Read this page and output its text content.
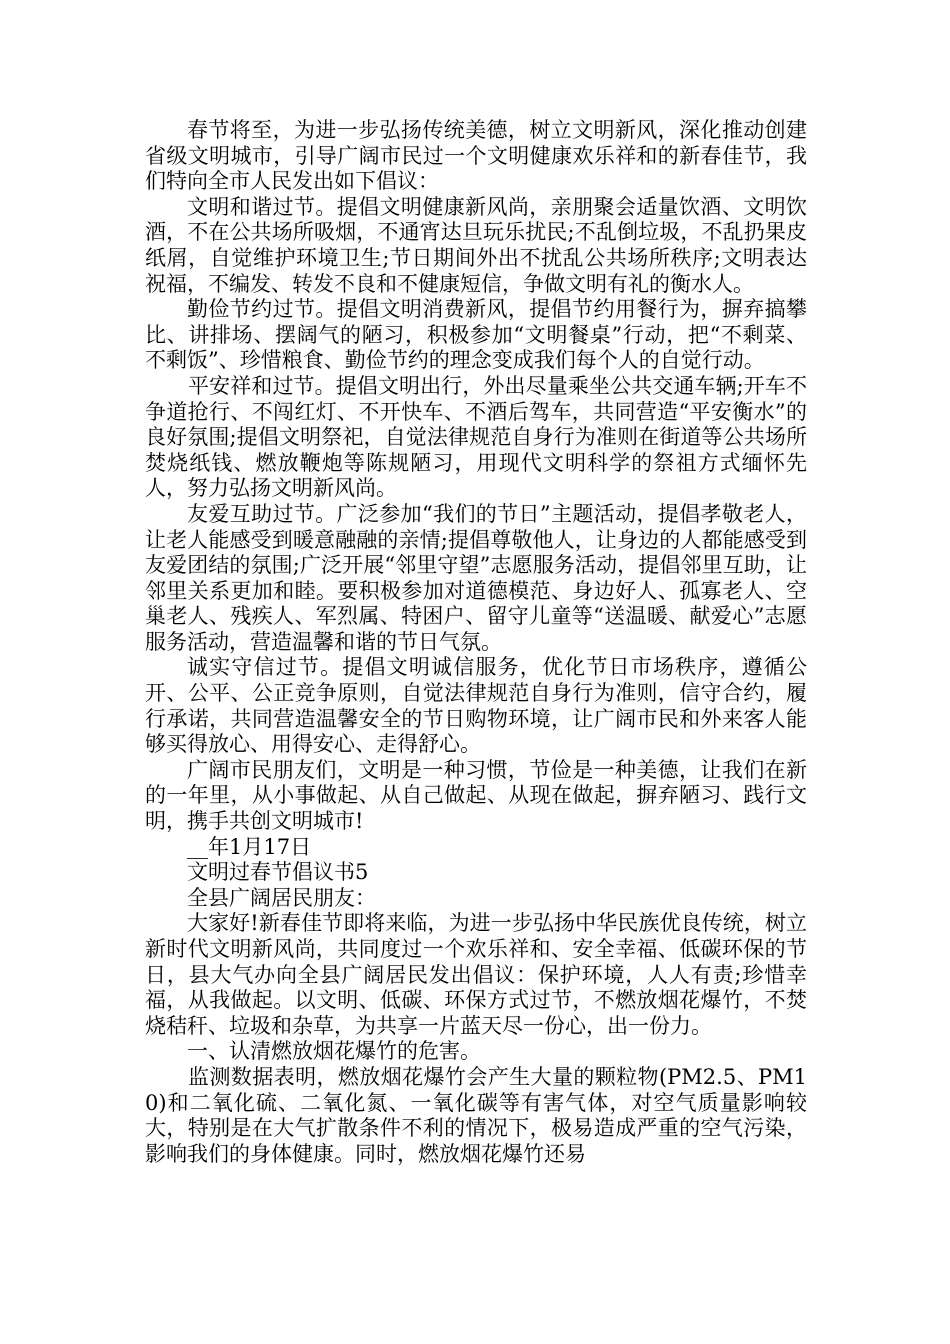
春节将至，为进一步弘扬传统美德，树立文明新风，深化推动创建省级文明城市，引导广阔市民过一个文明健康欢乐祥和的新春佳节，我们特向全市人民发出如下倡议：

文明和谐过节。提倡文明健康新风尚，亲朋聚会适量饮酒、文明饮酒，不在公共场所吸烟，不通宵达旦玩乐扰民;不乱倒垃圾，不乱扔果皮纸屑，自觉维护环境卫生;节日期间外出不扰乱公共场所秩序;文明表达祝福，不编发、转发不良和不健康短信，争做文明有礼的衡水人。

勤俭节约过节。提倡文明消费新风，提倡节约用餐行为，摒弃搞攀比、讲排场、摆阔气的陋习，积极参加“文明餐桌”行动，把“不剩菜、不剩饭”、珍惜粮食、勤俭节约的理念变成我们每个人的自觉行动。

平安祥和过节。提倡文明出行，外出尽量乘坐公共交通车辆;开车不争道抢行、不闯红灯、不开快车、不酒后驾车，共同营造“平安衡水”的良好氛围;提倡文明祭祀，自觉法律规范自身行为准则在街道等公共场所焚烧纸钱、燃放鞭炮等陈规陋习，用现代文明科学的祭祖方式缅怀先人，努力弘扬文明新风尚。

友爱互助过节。广泛参加“我们的节日”主题活动，提倡孝敬老人，让老人能感受到暖意融融的亲情;提倡尊敬他人，让身边的人都能感受到友爱团结的氛围;广泛开展“邻里守望”志愿服务活动，提倡邻里互助，让邻里关系更加和睦。要积极参加对道德模范、身边好人、孤寡老人、空巢老人、残疾人、军烈属、特困户、留守儿童等“送温暖、献爱心”志愿服务活动，营造温馨和谐的节日气氛。

诚实守信过节。提倡文明诚信服务，优化节日市场秩序，遵循公开、公平、公正竞争原则，自觉法律规范自身行为准则，信守合约，履行承诺，共同营造温馨安全的节日购物环境，让广阔市民和外来客人能够买得放心、用得安心、走得舒心。

广阔市民朋友们，文明是一种习惯，节俭是一种美德，让我们在新的一年里，从小事做起、从自己做起、从现在做起，摒弃陋习、践行文明，携手共创文明城市!

__年1月17日

文明过春节倡议书5

全县广阔居民朋友：

大家好!新春佳节即将来临，为进一步弘扬中华民族优良传统，树立新时代文明新风尚，共同度过一个欢乐祥和、安全幸福、低碳环保的节日，县大气办向全县广阔居民发出倡议：保护环境，人人有责;珍惜幸福，从我做起。以文明、低碳、环保方式过节，不燃放烟花爆竹，不焚烧秸秆、垃圾和杂草，为共享一片蓝天尽一份心，出一份力。

一、认清燃放烟花爆竹的危害。

监测数据表明，燃放烟花爆竹会产生大量的颗粒物(PM2.5、PM10)和二氧化硫、二氧化氮、一氧化碳等有害气体，对空气质量影响较大，特别是在大气扩散条件不利的情况下，极易造成严重的空气污染，影响我们的身体健康。同时，燃放烟花爆竹还易
